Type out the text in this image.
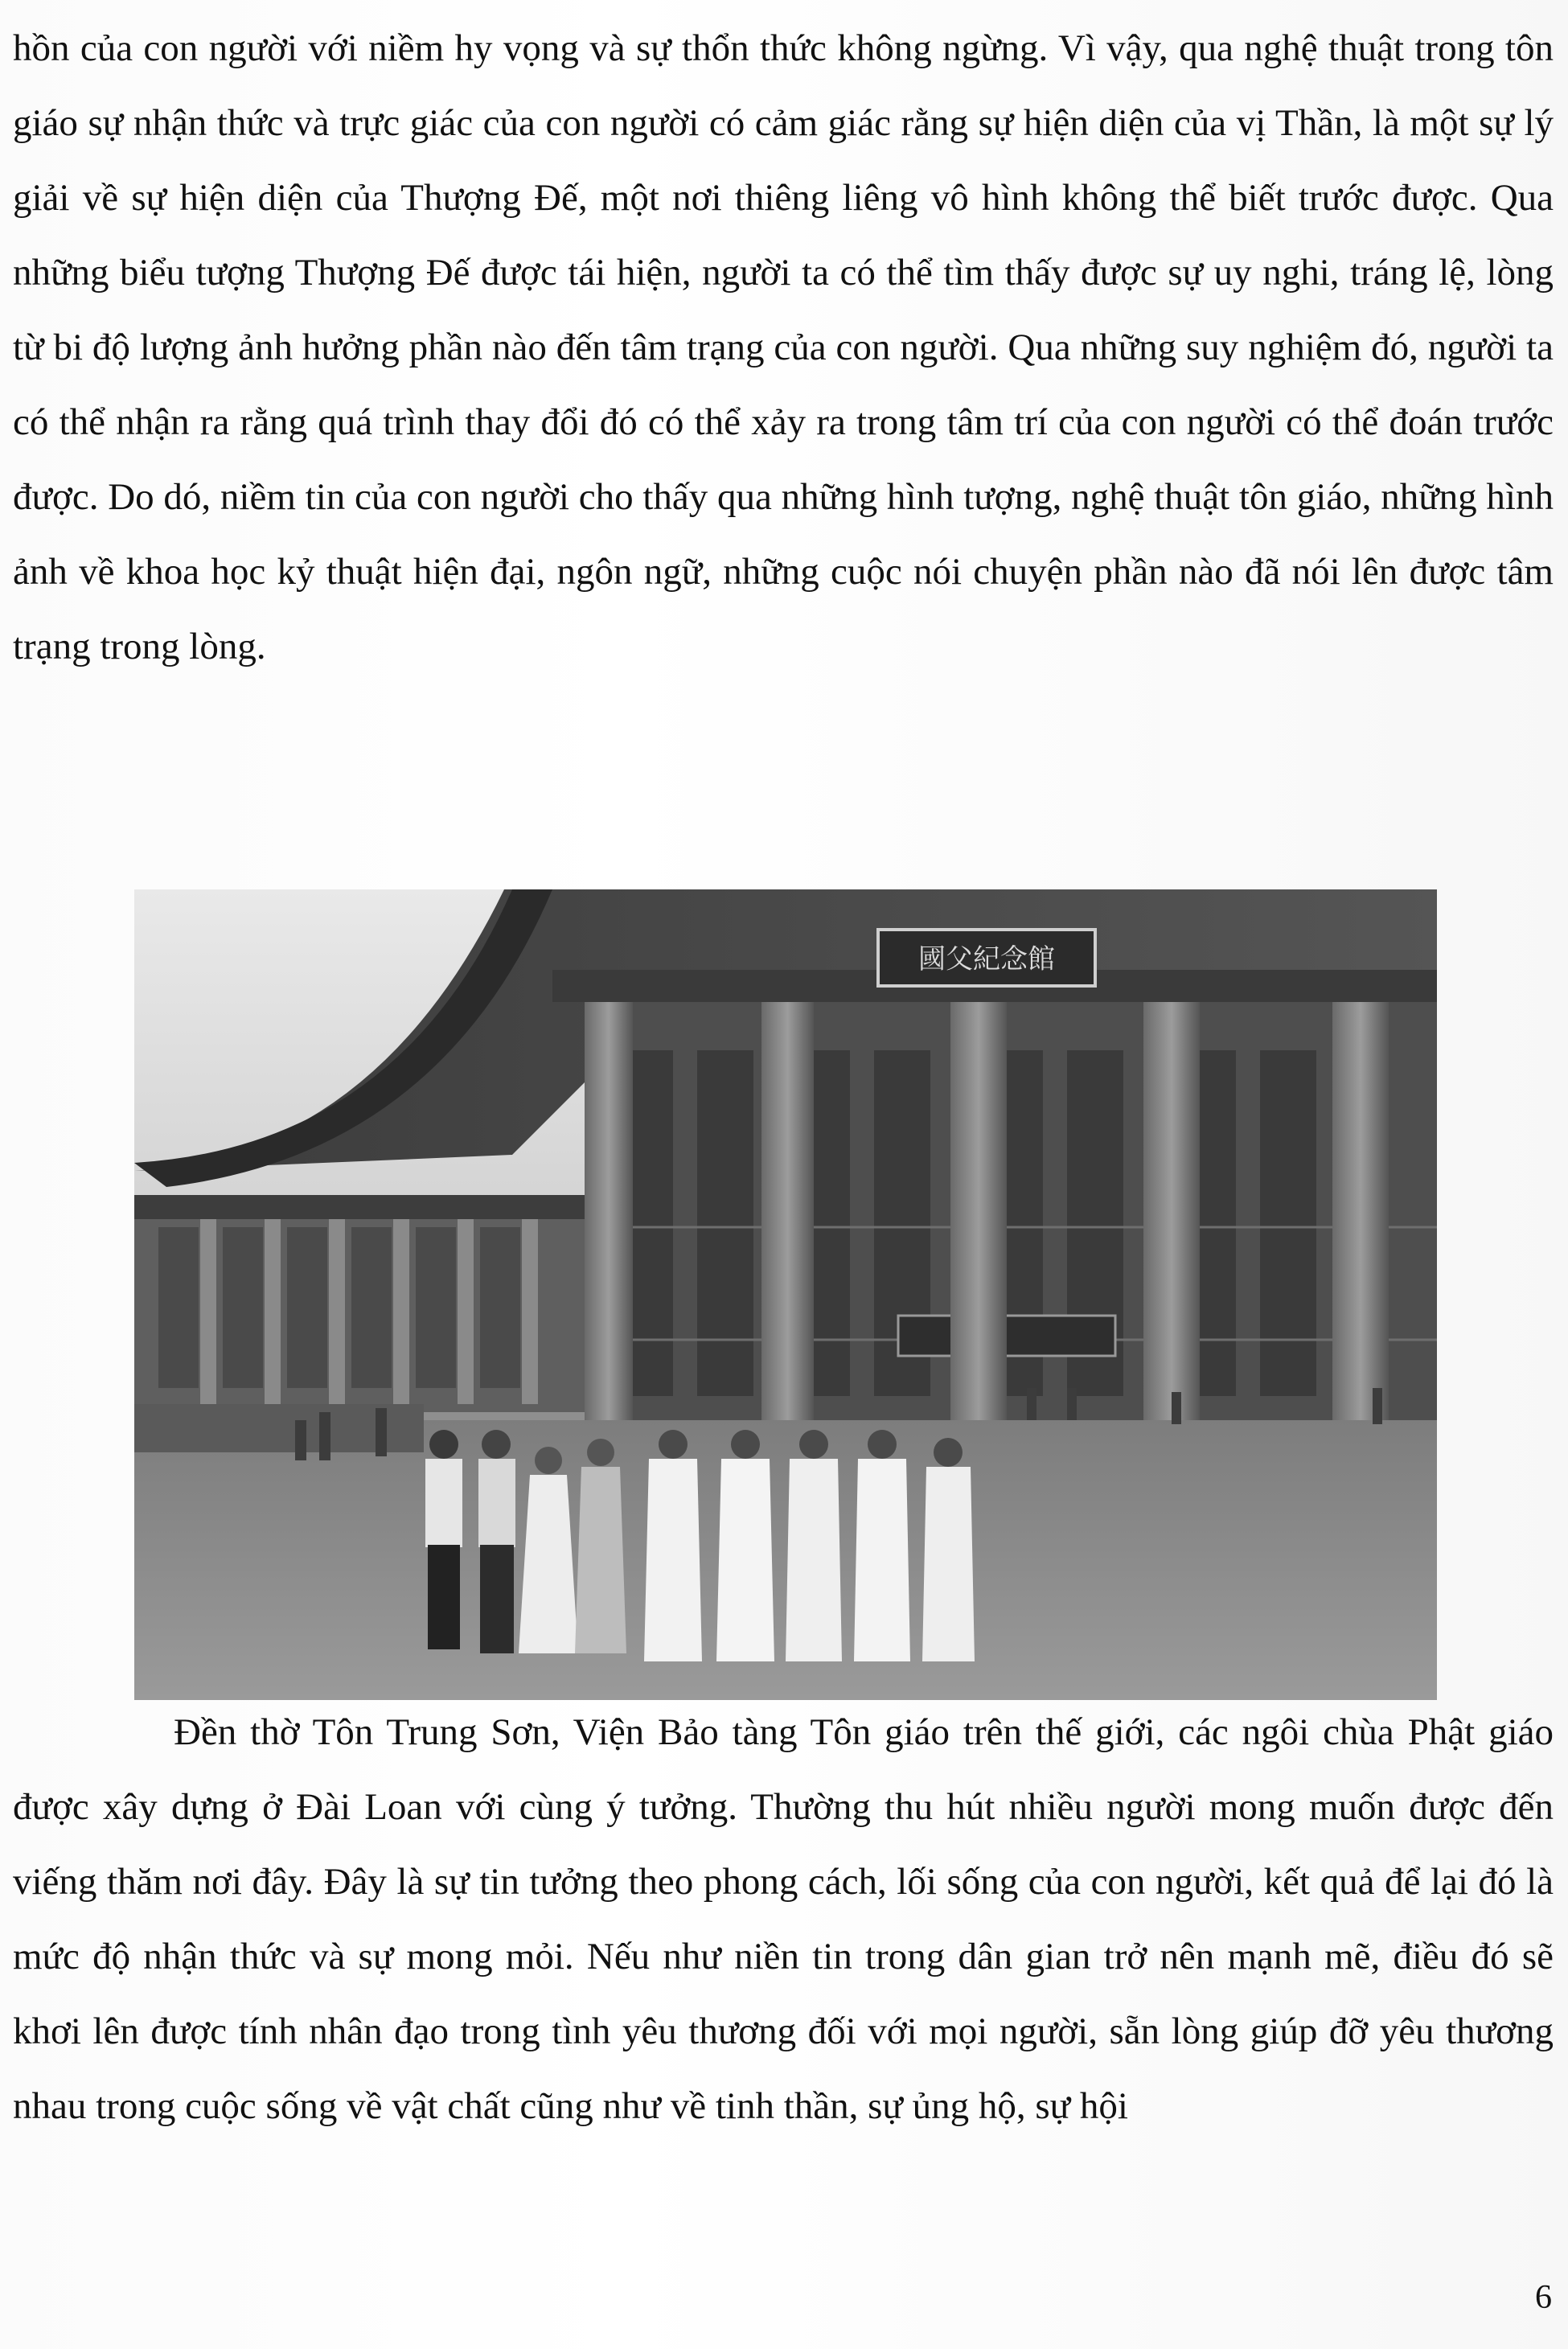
hồn của con người với niềm hy vọng và sự thổn thức không ngừng. Vì vậy, qua nghệ thuật trong tôn giáo sự nhận thức và trực giác của con người có cảm giác rằng sự hiện diện của vị Thần, là một sự lý giải về sự hiện diện của Thượng Đế, một nơi thiêng liêng vô hình không thể biết trước được. Qua những biểu tượng Thượng Đế được tái hiện, người ta có thể tìm thấy được sự uy nghi, tráng lệ, lòng từ bi độ lượng ảnh hưởng phần nào đến tâm trạng của con người. Qua những suy nghiệm đó, người ta có thể nhận ra rằng quá trình thay đổi đó có thể xảy ra trong tâm trí của con người có thể đoán trước được. Do dó, niềm tin của con người cho thấy qua những hình tượng, nghệ thuật tôn giáo, những hình ảnh về khoa học kỷ thuật hiện đại, ngôn ngữ, những cuộc nói chuyện phần nào đã nói lên được tâm trạng trong lòng.

國父紀念館

Đền thờ Tôn Trung Sơn, Viện Bảo tàng Tôn giáo trên thế giới, các ngôi chùa Phật giáo được xây dựng ở Đài Loan với cùng ý tưởng. Thường thu hút nhiều người mong muốn được đến viếng thăm nơi đây. Đây là sự tin tưởng theo phong cách, lối sống của con người, kết quả để lại đó là mức độ nhận thức và sự mong mỏi. Nếu như niền tin trong dân gian trở nên mạnh mẽ, điều đó sẽ khơi lên được tính nhân đạo trong tình yêu thương đối với mọi người, sẵn lòng giúp đỡ yêu thương nhau trong cuộc sống về vật chất cũng như về tinh thần, sự ủng hộ, sự hội

6
